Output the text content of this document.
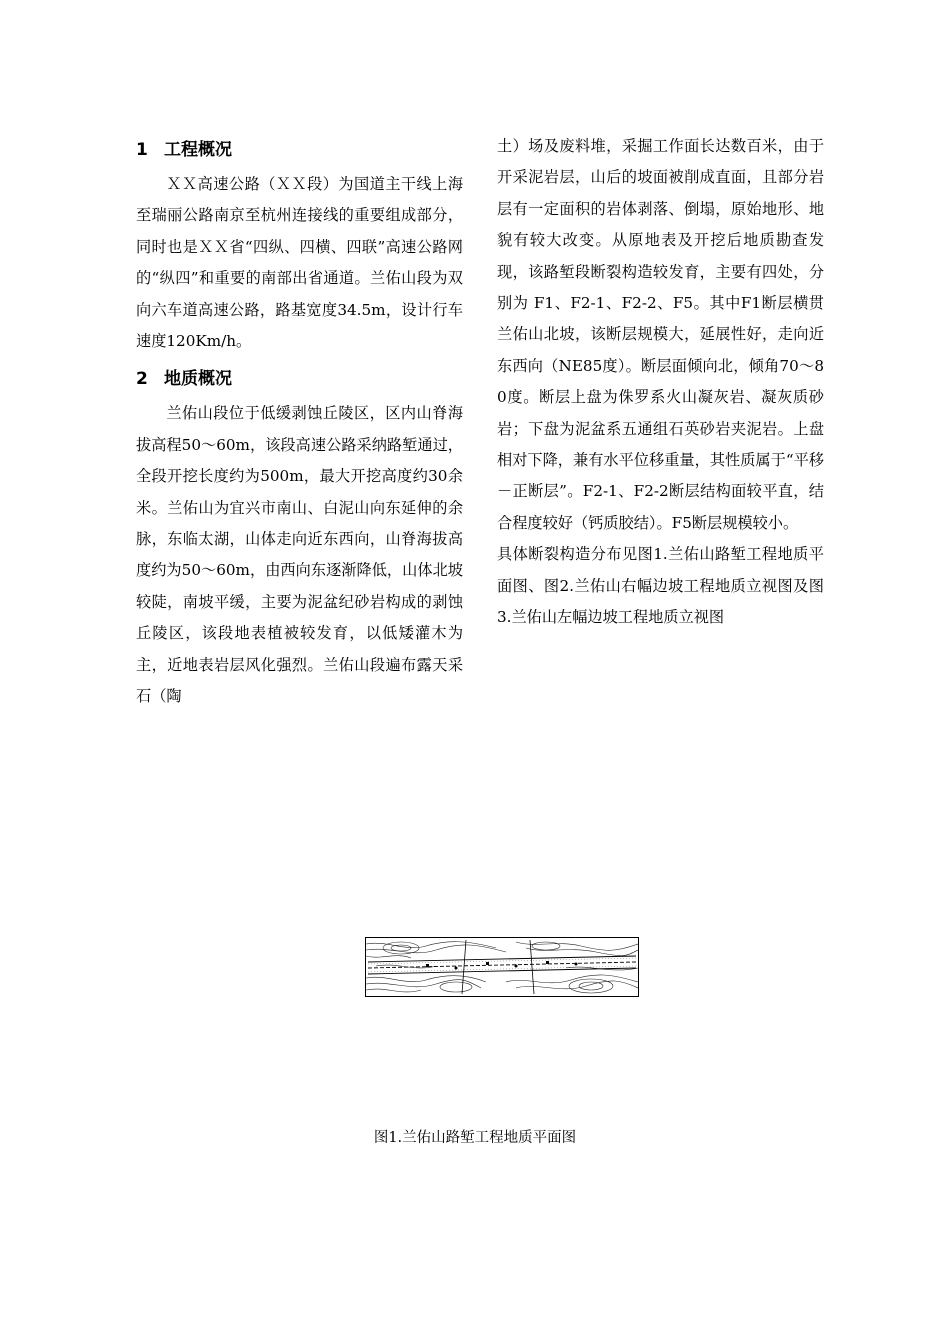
1 工程概况

ＸＸ高速公路（ＸＸ段）为国道主干线上海至瑞丽公路南京至杭州连接线的重要组成部分，同时也是ＸＸ省“四纵、四横、四联”高速公路网的“纵四”和重要的南部出省通道。兰佑山段为双向六车道高速公路，路基宽度34.5m，设计行车速度120Km/h。

2 地质概况

兰佑山段位于低缓剥蚀丘陵区，区内山脊海拔高程50～60m，该段高速公路采纳路堑通过，全段开挖长度约为500m，最大开挖高度约30余米。兰佑山为宜兴市南山、白泥山向东延伸的余脉，东临太湖，山体走向近东西向，山脊海拔高度约为50～60m，由西向东逐渐降低，山体北坡较陡，南坡平缓，主要为泥盆纪砂岩构成的剥蚀丘陵区，该段地表植被较发育，以低矮灌木为主，近地表岩层风化强烈。兰佑山段遍布露天采石（陶

土）场及废料堆，采掘工作面长达数百米，由于开采泥岩层，山后的坡面被削成直面，且部分岩层有一定面积的岩体剥落、倒塌，原始地形、地貌有较大改变。从原地表及开挖后地质勘查发现，该路堑段断裂构造较发育，主要有四处，分别为 F1、F2-1、F2-2、F5。其中F1断层横贯兰佑山北坡，该断层规模大，延展性好，走向近东西向（NE85度）。断层面倾向北，倾角70～80度。断层上盘为侏罗系火山凝灰岩、凝灰质砂岩；下盘为泥盆系五通组石英砂岩夹泥岩。上盘相对下降，兼有水平位移重量，其性质属于“平移－正断层”。F2-1、F2-2断层结构面较平直，结合程度较好（钙质胶结）。F5断层规模较小。

具体断裂构造分布见图1.兰佑山路堑工程地质平面图、图2.兰佑山右幅边坡工程地质立视图及图3.兰佑山左幅边坡工程地质立视图

图1.兰佑山路堑工程地质平面图
